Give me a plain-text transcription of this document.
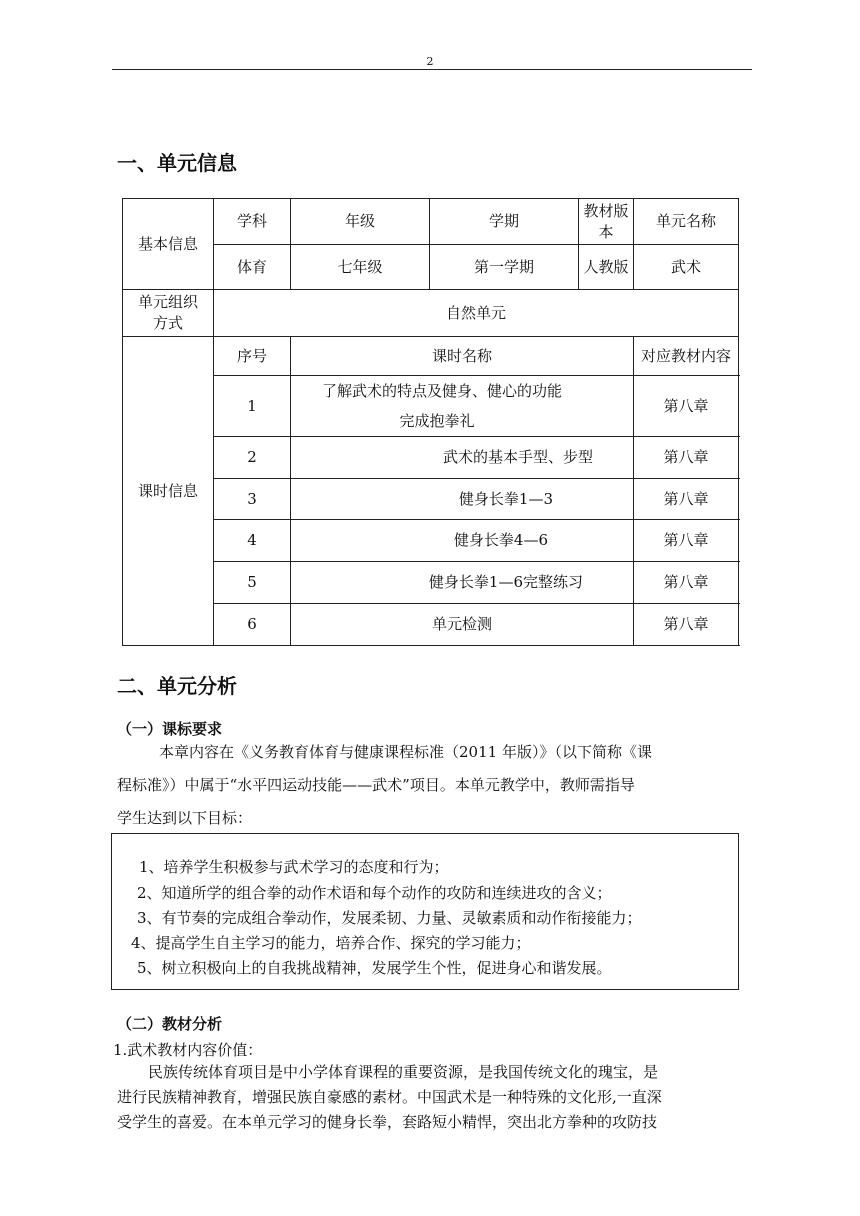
2
一、单元信息
基本信息	学科	年级	学期	教材版本	单元名称
	体育	七年级	第一学期	人教版	武术
单元组织方式	自然单元				
课时信息	序号	课时名称			对应教材内容
	1	了解武术的特点及健身、健心的功能
完成抱拳礼			第八章
	2	武术的基本手型、步型			第八章
	3	健身长拳1—3			第八章
	4	健身长拳4—6			第八章
	5	健身长拳1—6完整练习			第八章
	6	单元检测			第八章
二、单元分析
（一）课标要求
本章内容在《义务教育体育与健康课程标准（2011 年版）》（以下简称《课
程标准》）中属于“水平四运动技能——武术”项目。本单元教学中，教师需指导
学生达到以下目标：
1、培养学生积极参与武术学习的态度和行为；
2、知道所学的组合拳的动作术语和每个动作的攻防和连续进攻的含义；
3、有节奏的完成组合拳动作，发展柔韧、力量、灵敏素质和动作衔接能力；
4、提高学生自主学习的能力，培养合作、探究的学习能力；
5、树立积极向上的自我挑战精神，发展学生个性，促进身心和谐发展。
（二）教材分析
1.武术教材内容价值：
民族传统体育项目是中小学体育课程的重要资源，是我国传统文化的瑰宝，是
进行民族精神教育，增强民族自豪感的素材。中国武术是一种特殊的文化形,一直深
受学生的喜爱。在本单元学习的健身长拳，套路短小精悍，突出北方拳种的攻防技
